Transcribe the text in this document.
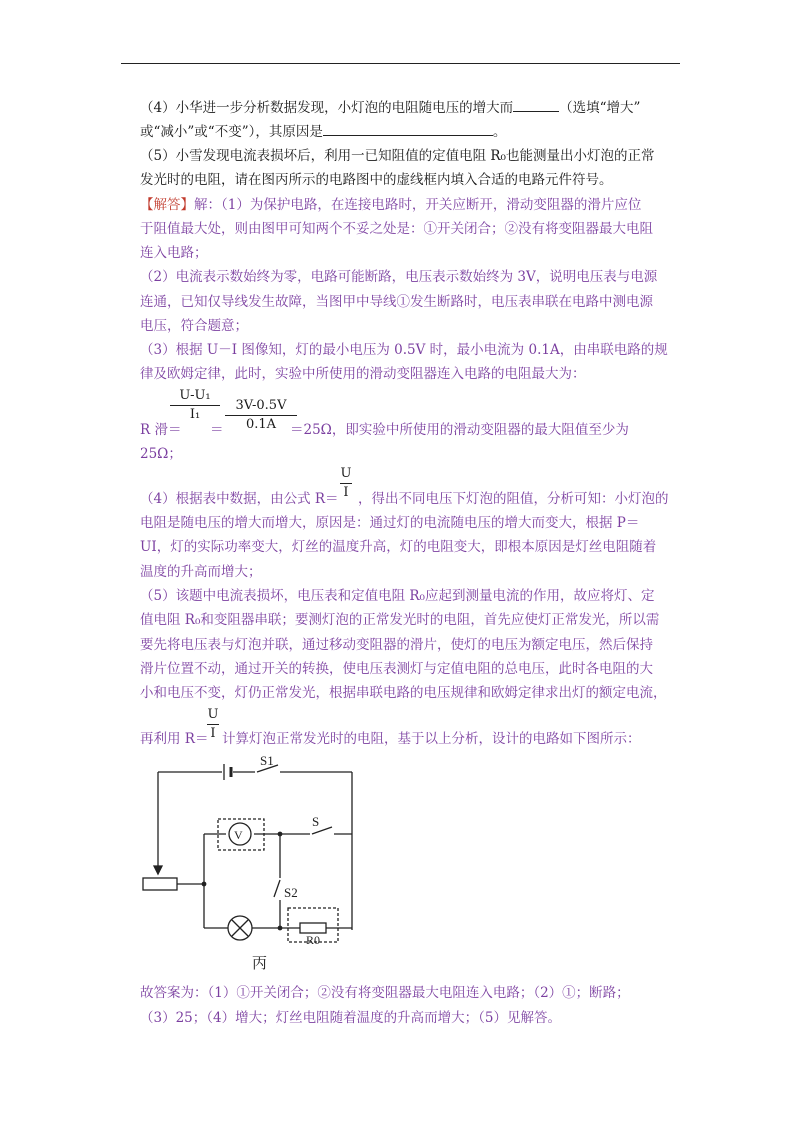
（4）小华进一步分析数据发现，小灯泡的电阻随电压的增大而	（选填“增大”
或“减小”或“不变”），其原因是	。
（5）小雪发现电流表损坏后，利用一已知阻值的定值电阻 R₀也能测量出小灯泡的正常
发光时的电阻，请在图丙所示的电路图中的虚线框内填入合适的电路元件符号。
【解答】解：（1）为保护电路，在连接电路时，开关应断开，滑动变阻器的滑片应位
于阻值最大处，则由图甲可知两个不妥之处是：①开关闭合；②没有将变阻器最大电阻
连入电路；
（2）电流表示数始终为零，电路可能断路，电压表示数始终为 3V，说明电压表与电源
连通，已知仅导线发生故障，当图甲中导线①发生断路时，电压表串联在电路中测电源
电压，符合题意；
（3）根据 U－I 图像知，灯的最小电压为 0.5V 时，最小电流为 0.1A，由串联电路的规
律及欧姆定律，此时，实验中所使用的滑动变阻器连入电路的电阻最大为：
U-U₁
I₁
3V-0.5V
0.1A
R 滑＝ ＝	＝25Ω，即实验中所使用的滑动变阻器的最大阻值至少为
25Ω；
U
I
（4）根据表中数据，由公式 R＝ ，得出不同电压下灯泡的阻值，分析可知：小灯泡的
电阻是随电压的增大而增大，原因是：通过灯的电流随电压的增大而变大，根据 P＝
UI，灯的实际功率变大，灯丝的温度升高，灯的电阻变大，即根本原因是灯丝电阻随着
温度的升高而增大；
（5）该题中电流表损坏，电压表和定值电阻 R₀应起到测量电流的作用，故应将灯、定
值电阻 R₀和变阻器串联；要测灯泡的正常发光时的电阻，首先应使灯正常发光，所以需
要先将电压表与灯泡并联，通过移动变阻器的滑片，使灯的电压为额定电压，然后保持
滑片位置不动，通过开关的转换，使电压表测灯与定值电阻的总电压，此时各电阻的大
小和电压不变，灯仍正常发光，根据串联电路的电压规律和欧姆定律求出灯的额定电流，
U
I
再利用 R＝ 计算灯泡正常发光时的电阻，基于以上分析，设计的电路如下图所示：
S1
S
S2
V
R0
丙
故答案为：（1）①开关闭合；②没有将变阻器最大电阻连入电路；（2）①；断路；
（3）25；（4）增大；灯丝电阻随着温度的升高而增大；（5）见解答。
